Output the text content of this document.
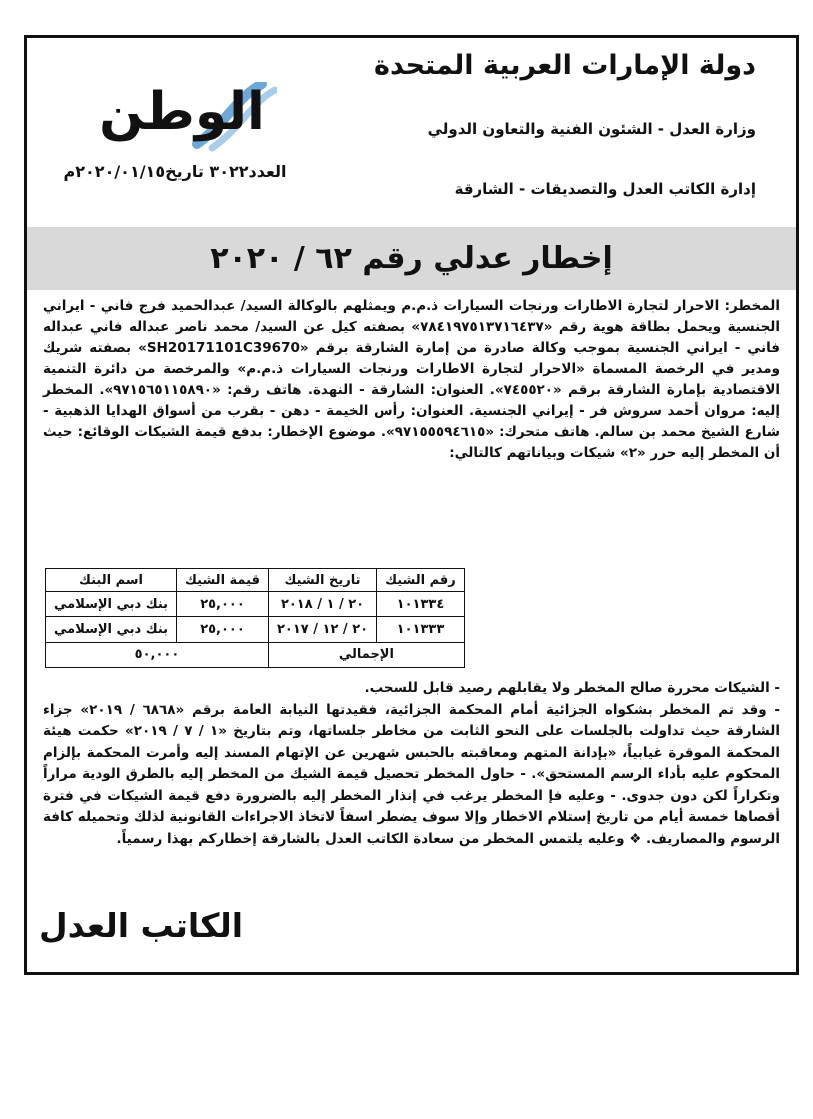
دولة الإمارات العربية المتحدة
وزارة العدل - الشئون الفنية والتعاون الدولي
إدارة الكاتب العدل والتصديقات - الشارقة
الوطن
العدد٣٠٢٢ تاريخ٢٠٢٠/٠١/١٥م
إخطار عدلي رقم ٦٢ / ٢٠٢٠

المخطر: الاحرار لتجارة الاطارات ورنجات السيارات ذ.م.م ويمثلهم بالوكالة السيد/ عبدالحميد فرج فاني - ايراني الجنسية ويحمل بطاقة هوية رقم «٧٨٤١٩٧٥١٣٧١٦٤٣٧» بصفته كيل عن السيد/ محمد ناصر عبداله فاني عبداله فاني - ايراني الجنسية بموجب وكالة صادرة من إمارة الشارقة برقم «SH20171101C39670» بصفته شريك ومدير في الرخصة المسماة «الاحرار لتجارة الاطارات ورنجات السيارات ذ.م.م» والمرخصة من دائرة التنمية الاقتصادية بإمارة الشارقة برقم «٧٤٥٥٢٠». العنوان: الشارقة - النهدة. هاتف رقم: «٩٧١٥٦٥١١٥٨٩٠». المخطر إليه: مروان أحمد سروش فر - إيراني الجنسية. العنوان: رأس الخيمة - دهن - بقرب من أسواق الهدايا الذهبية - شارع الشيخ محمد بن سالم. هاتف متحرك: «٩٧١٥٥٥٩٤٦١٥». موضوع الإخطار: بدفع قيمة الشيكات الوقائع: حيث أن المخطر إليه حرر «٢» شيكات وبياناتهم كالتالي:

رقم الشيك	تاريخ الشيك	قيمة الشيك	اسم البنك
١٠١٣٣٤	٢٠ / ١ / ٢٠١٨	٢٥,٠٠٠	بنك دبي الإسلامي
١٠١٣٣٣	٢٠ / ١٢ / ٢٠١٧	٢٥,٠٠٠	بنك دبي الإسلامي
الإجمالي		٥٠,٠٠٠	

- الشيكات محررة صالح المخطر ولا يقابلهم رصيد قابل للسحب.

- وقد تم المخطر بشكواه الجزائية أمام المحكمة الجزائية، فقيدتها النيابة العامة برقم «٦٨٦٨ / ٢٠١٩» جزاء الشارقة حيث تداولت بالجلسات على النحو الثابت من مخاطر جلساتها، وتم بتاريخ «١ / ٧ / ٢٠١٩» حكمت هيئة المحكمة الموقرة غيابياً، «بإدانة المتهم ومعاقبته بالحبس شهرين عن الإتهام المسند إليه وأمرت المحكمة بإلزام المحكوم عليه بأداء الرسم المستحق». - حاول المخطر تحصيل قيمة الشيك من المخطر إليه بالطرق الودية مراراً وتكراراً لكن دون جدوى. - وعليه فإ المخطر يرغب في إنذار المخطر إليه بالضرورة دفع قيمة الشيكات في فترة أقصاها خمسة أيام من تاريخ إستلام الاخطار وإلا سوف يضطر اسفاً لاتخاذ الاجراءات القانونية لذلك وتحميله كافة الرسوم والمصاريف. ❖ وعليه يلتمس المخطر من سعادة الكاتب العدل بالشارقة إخطاركم بهذا رسمياً.

الكاتب العدل
